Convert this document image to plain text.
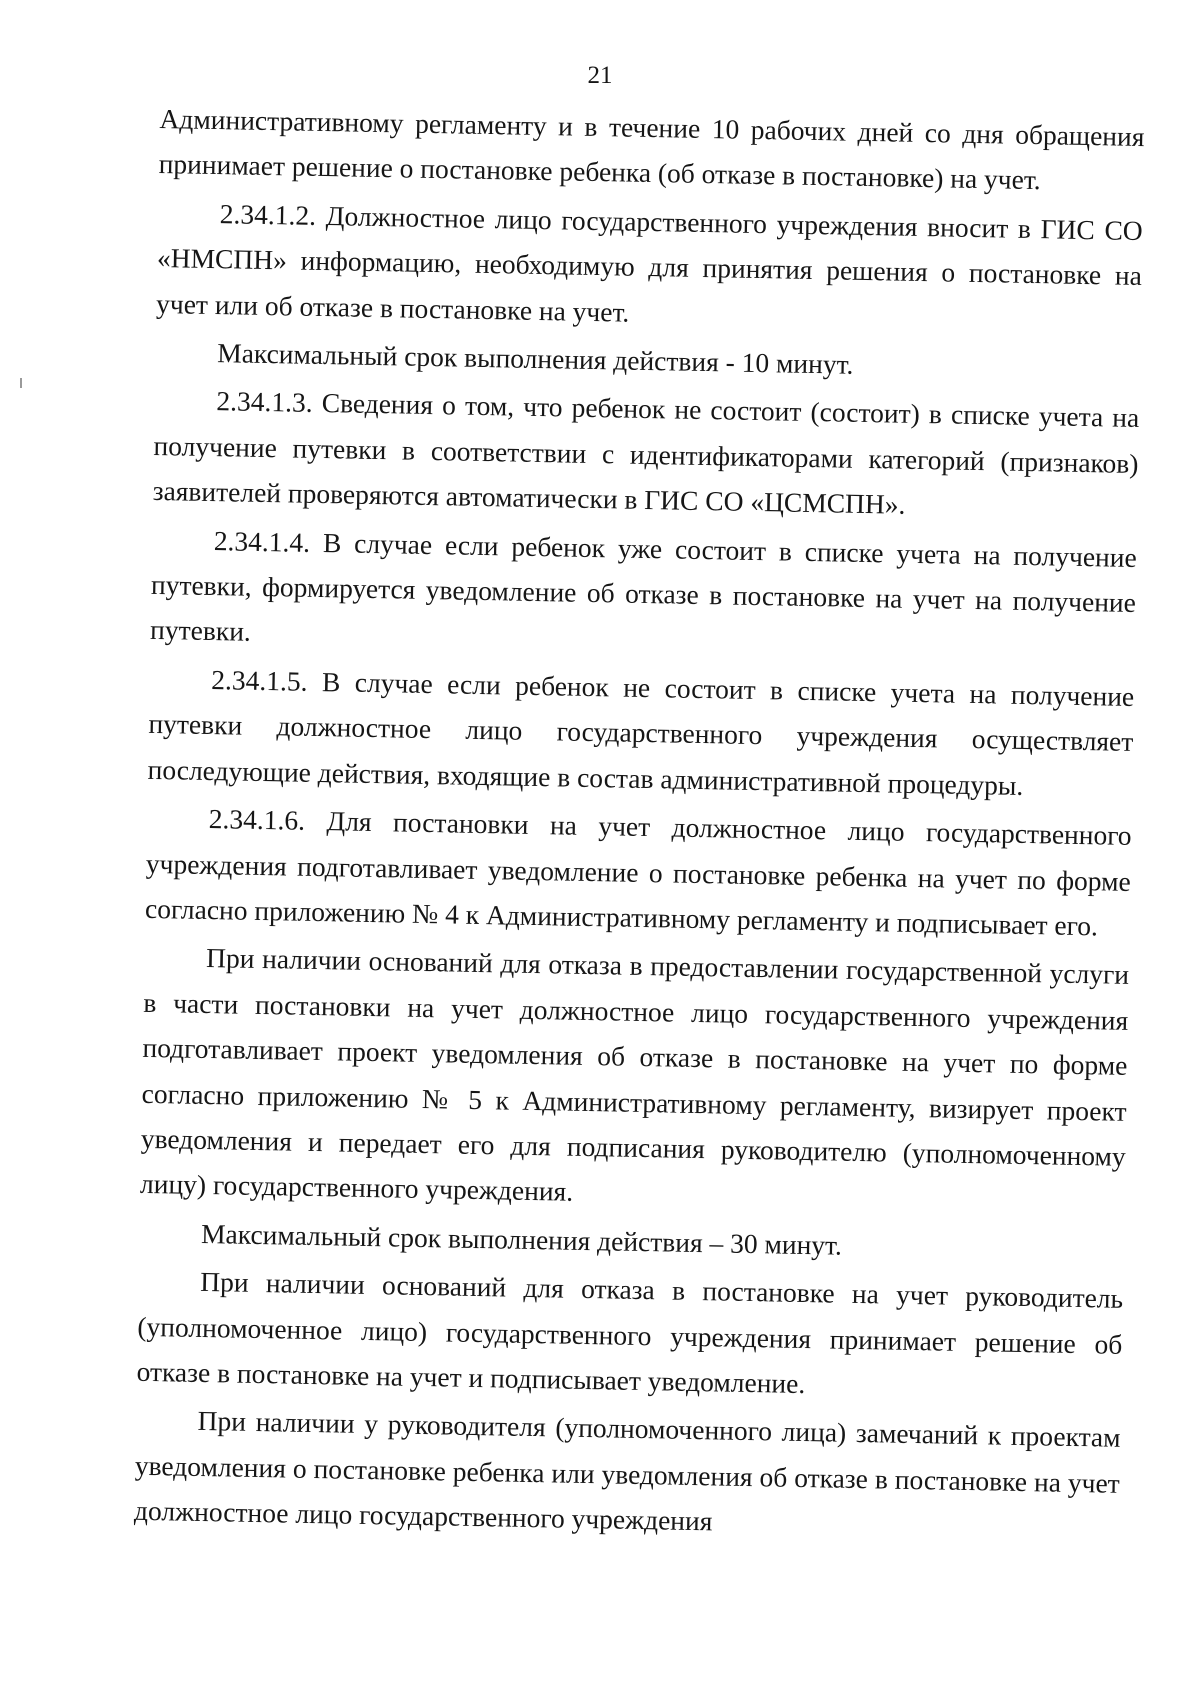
21

Административному регламенту и в течение 10 рабочих дней со дня обращения принимает решение о постановке ребенка (об отказе в постановке) на учет.

2.34.1.2. Должностное лицо государственного учреждения вносит в ГИС СО «НМСПН» информацию, необходимую для принятия решения о постановке на учет или об отказе в постановке на учет.

Максимальный срок выполнения действия - 10 минут.

2.34.1.3. Сведения о том, что ребенок не состоит (состоит) в списке учета на получение путевки в соответствии с идентификаторами категорий (признаков) заявителей проверяются автоматически в ГИС СО «ЦСМСПН».

2.34.1.4. В случае если ребенок уже состоит в списке учета на получение путевки, формируется уведомление об отказе в постановке на учет на получение путевки.

2.34.1.5. В случае если ребенок не состоит в списке учета на получение путевки должностное лицо государственного учреждения осуществляет последующие действия, входящие в состав административной процедуры.

2.34.1.6. Для постановки на учет должностное лицо государственного учреждения подготавливает уведомление о постановке ребенка на учет по форме согласно приложению № 4 к Административному регламенту и подписывает его.

При наличии оснований для отказа в предоставлении государственной услуги в части постановки на учет должностное лицо государственного учреждения подготавливает проект уведомления об отказе в постановке на учет по форме согласно приложению № 5 к Административному регламенту, визирует проект уведомления и передает его для подписания руководителю (уполномоченному лицу) государственного учреждения.

Максимальный срок выполнения действия – 30 минут.

При наличии оснований для отказа в постановке на учет руководитель (уполномоченное лицо) государственного учреждения принимает решение об отказе в постановке на учет и подписывает уведомление.

При наличии у руководителя (уполномоченного лица) замечаний к проектам уведомления о постановке ребенка или уведомления об отказе в постановке на учет должностное лицо государственного учреждения
